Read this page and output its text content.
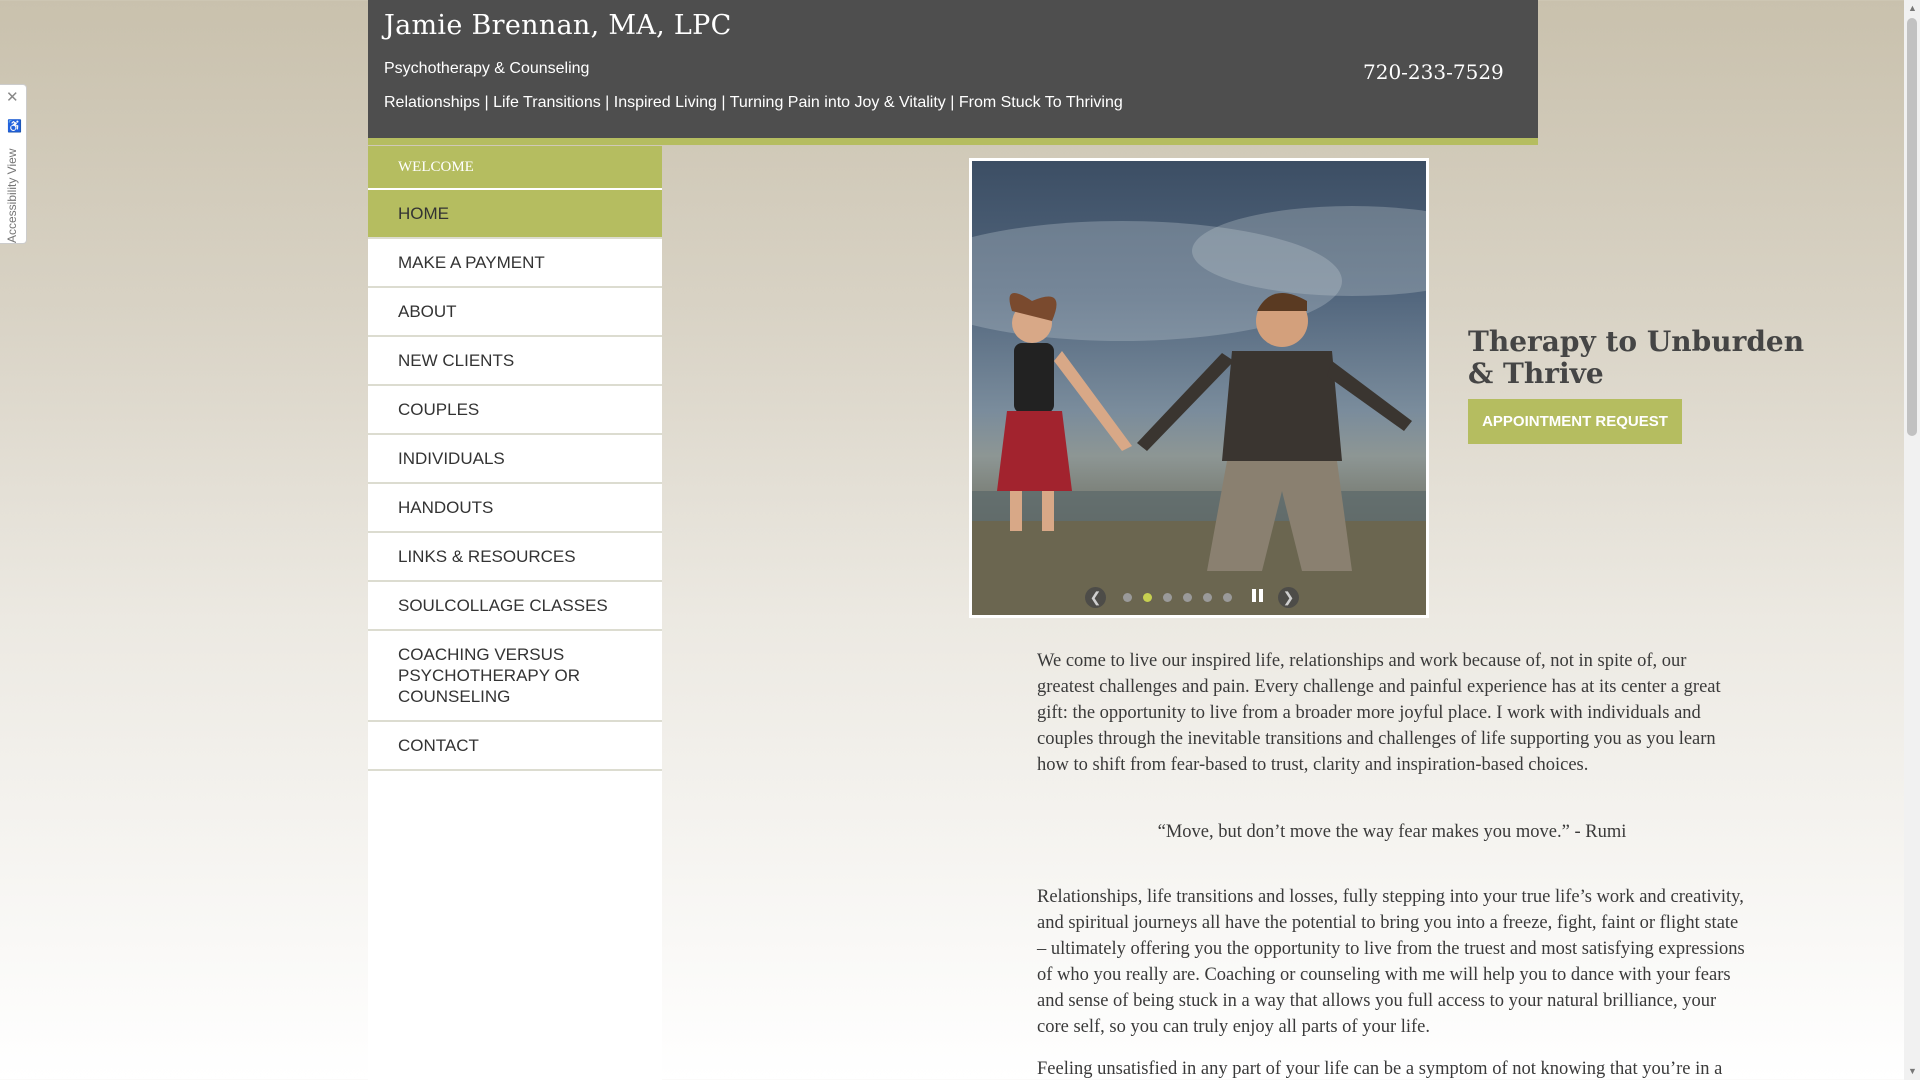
✕
♿
Accessibility View
Jamie Brennan, MA, LPC
Psychotherapy & Counseling
Relationships | Life Transitions | Inspired Living | Turning Pain into Joy & Vitality | From Stuck To Thriving
720-233-7529
WELCOME
HOME
MAKE A PAYMENT
ABOUT
NEW CLIENTS
COUPLES
INDIVIDUALS
HANDOUTS
LINKS & RESOURCES
SOULCOLLAGE CLASSES
COACHING VERSUS PSYCHOTHERAPY OR COUNSELING
CONTACT
❮	❯
Therapy to Unburden & Thrive
APPOINTMENT REQUEST

We come to live our inspired life, relationships and work because of, not in spite of, our greatest challenges and pain. Every challenge and painful experience has at its center a great gift: the opportunity to live from a broader more joyful place. I work with individuals and couples through the inevitable transitions and challenges of life supporting you as you learn how to shift from fear-based to trust, clarity and inspiration-based choices.

“Move, but don’t move the way fear makes you move.” - Rumi

Relationships, life transitions and losses, fully stepping into your true life’s work and creativity, and spiritual journeys all have the potential to bring you into a freeze, fight, faint or flight state – ultimately offering you the opportunity to live from the truest and most satisfying expressions of who you really are. Coaching or counseling with me will help you to dance with your fears and sense of being stuck in a way that allows you full access to your natural brilliance, your core self, so you can truly enjoy all parts of your life.

Feeling unsatisfied in any part of your life can be a symptom of not knowing that you’re in a

▲
▼
